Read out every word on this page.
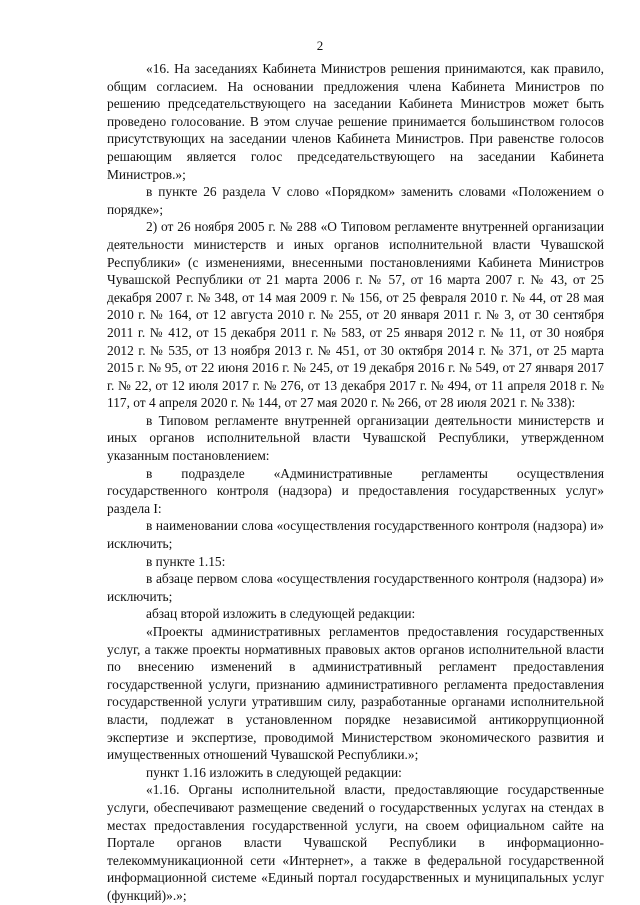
2

«16. На заседаниях Кабинета Министров решения принимаются, как правило, общим согласием. На основании предложения члена Кабинета Министров по решению председательствующего на заседании Кабинета Министров может быть проведено голосование. В этом случае решение принимается большинством голосов присутствующих на заседании членов Кабинета Министров. При равенстве голосов решающим является голос председательствующего на заседании Кабинета Министров.»;

в пункте 26 раздела V слово «Порядком» заменить словами «Положением о порядке»;

2) от 26 ноября 2005 г. № 288 «О Типовом регламенте внутренней организации деятельности министерств и иных органов исполнительной власти Чувашской Республики» (с изменениями, внесенными постановлениями Кабинета Министров Чувашской Республики от 21 марта 2006 г. № 57, от 16 марта 2007 г. № 43, от 25 декабря 2007 г. № 348, от 14 мая 2009 г. № 156, от 25 февраля 2010 г. № 44, от 28 мая 2010 г. № 164, от 12 августа 2010 г. № 255, от 20 января 2011 г. № 3, от 30 сентября 2011 г. № 412, от 15 декабря 2011 г. № 583, от 25 января 2012 г. № 11, от 30 ноября 2012 г. № 535, от 13 ноября 2013 г. № 451, от 30 октября 2014 г. № 371, от 25 марта 2015 г. № 95, от 22 июня 2016 г. № 245, от 19 декабря 2016 г. № 549, от 27 января 2017 г. № 22, от 12 июля 2017 г. № 276, от 13 декабря 2017 г. № 494, от 11 апреля 2018 г. № 117, от 4 апреля 2020 г. № 144, от 27 мая 2020 г. № 266, от 28 июля 2021 г. № 338):

в Типовом регламенте внутренней организации деятельности министерств и иных органов исполнительной власти Чувашской Республики, утвержденном указанным постановлением:

в подразделе «Административные регламенты осуществления государственного контроля (надзора) и предоставления государственных услуг» раздела I:

в наименовании слова «осуществления государственного контроля (надзора) и» исключить;

в пункте 1.15:

в абзаце первом слова «осуществления государственного контроля (надзора) и» исключить;

абзац второй изложить в следующей редакции:

«Проекты административных регламентов предоставления государственных услуг, а также проекты нормативных правовых актов органов исполнительной власти по внесению изменений в административный регламент предоставления государственной услуги, признанию административного регламента предоставления государственной услуги утратившим силу, разработанные органами исполнительной власти, подлежат в установленном порядке независимой антикоррупционной экспертизе и экспертизе, проводимой Министерством экономического развития и имущественных отношений Чувашской Республики.»;

пункт 1.16 изложить в следующей редакции:

«1.16. Органы исполнительной власти, предоставляющие государственные услуги, обеспечивают размещение сведений о государственных услугах на стендах в местах предоставления государственной услуги, на своем официальном сайте на Портале органов власти Чувашской Республики в информационно-телекоммуникационной сети «Интернет», а также в федеральной государственной информационной системе «Единый портал государственных и муниципальных услуг (функций)».»;
